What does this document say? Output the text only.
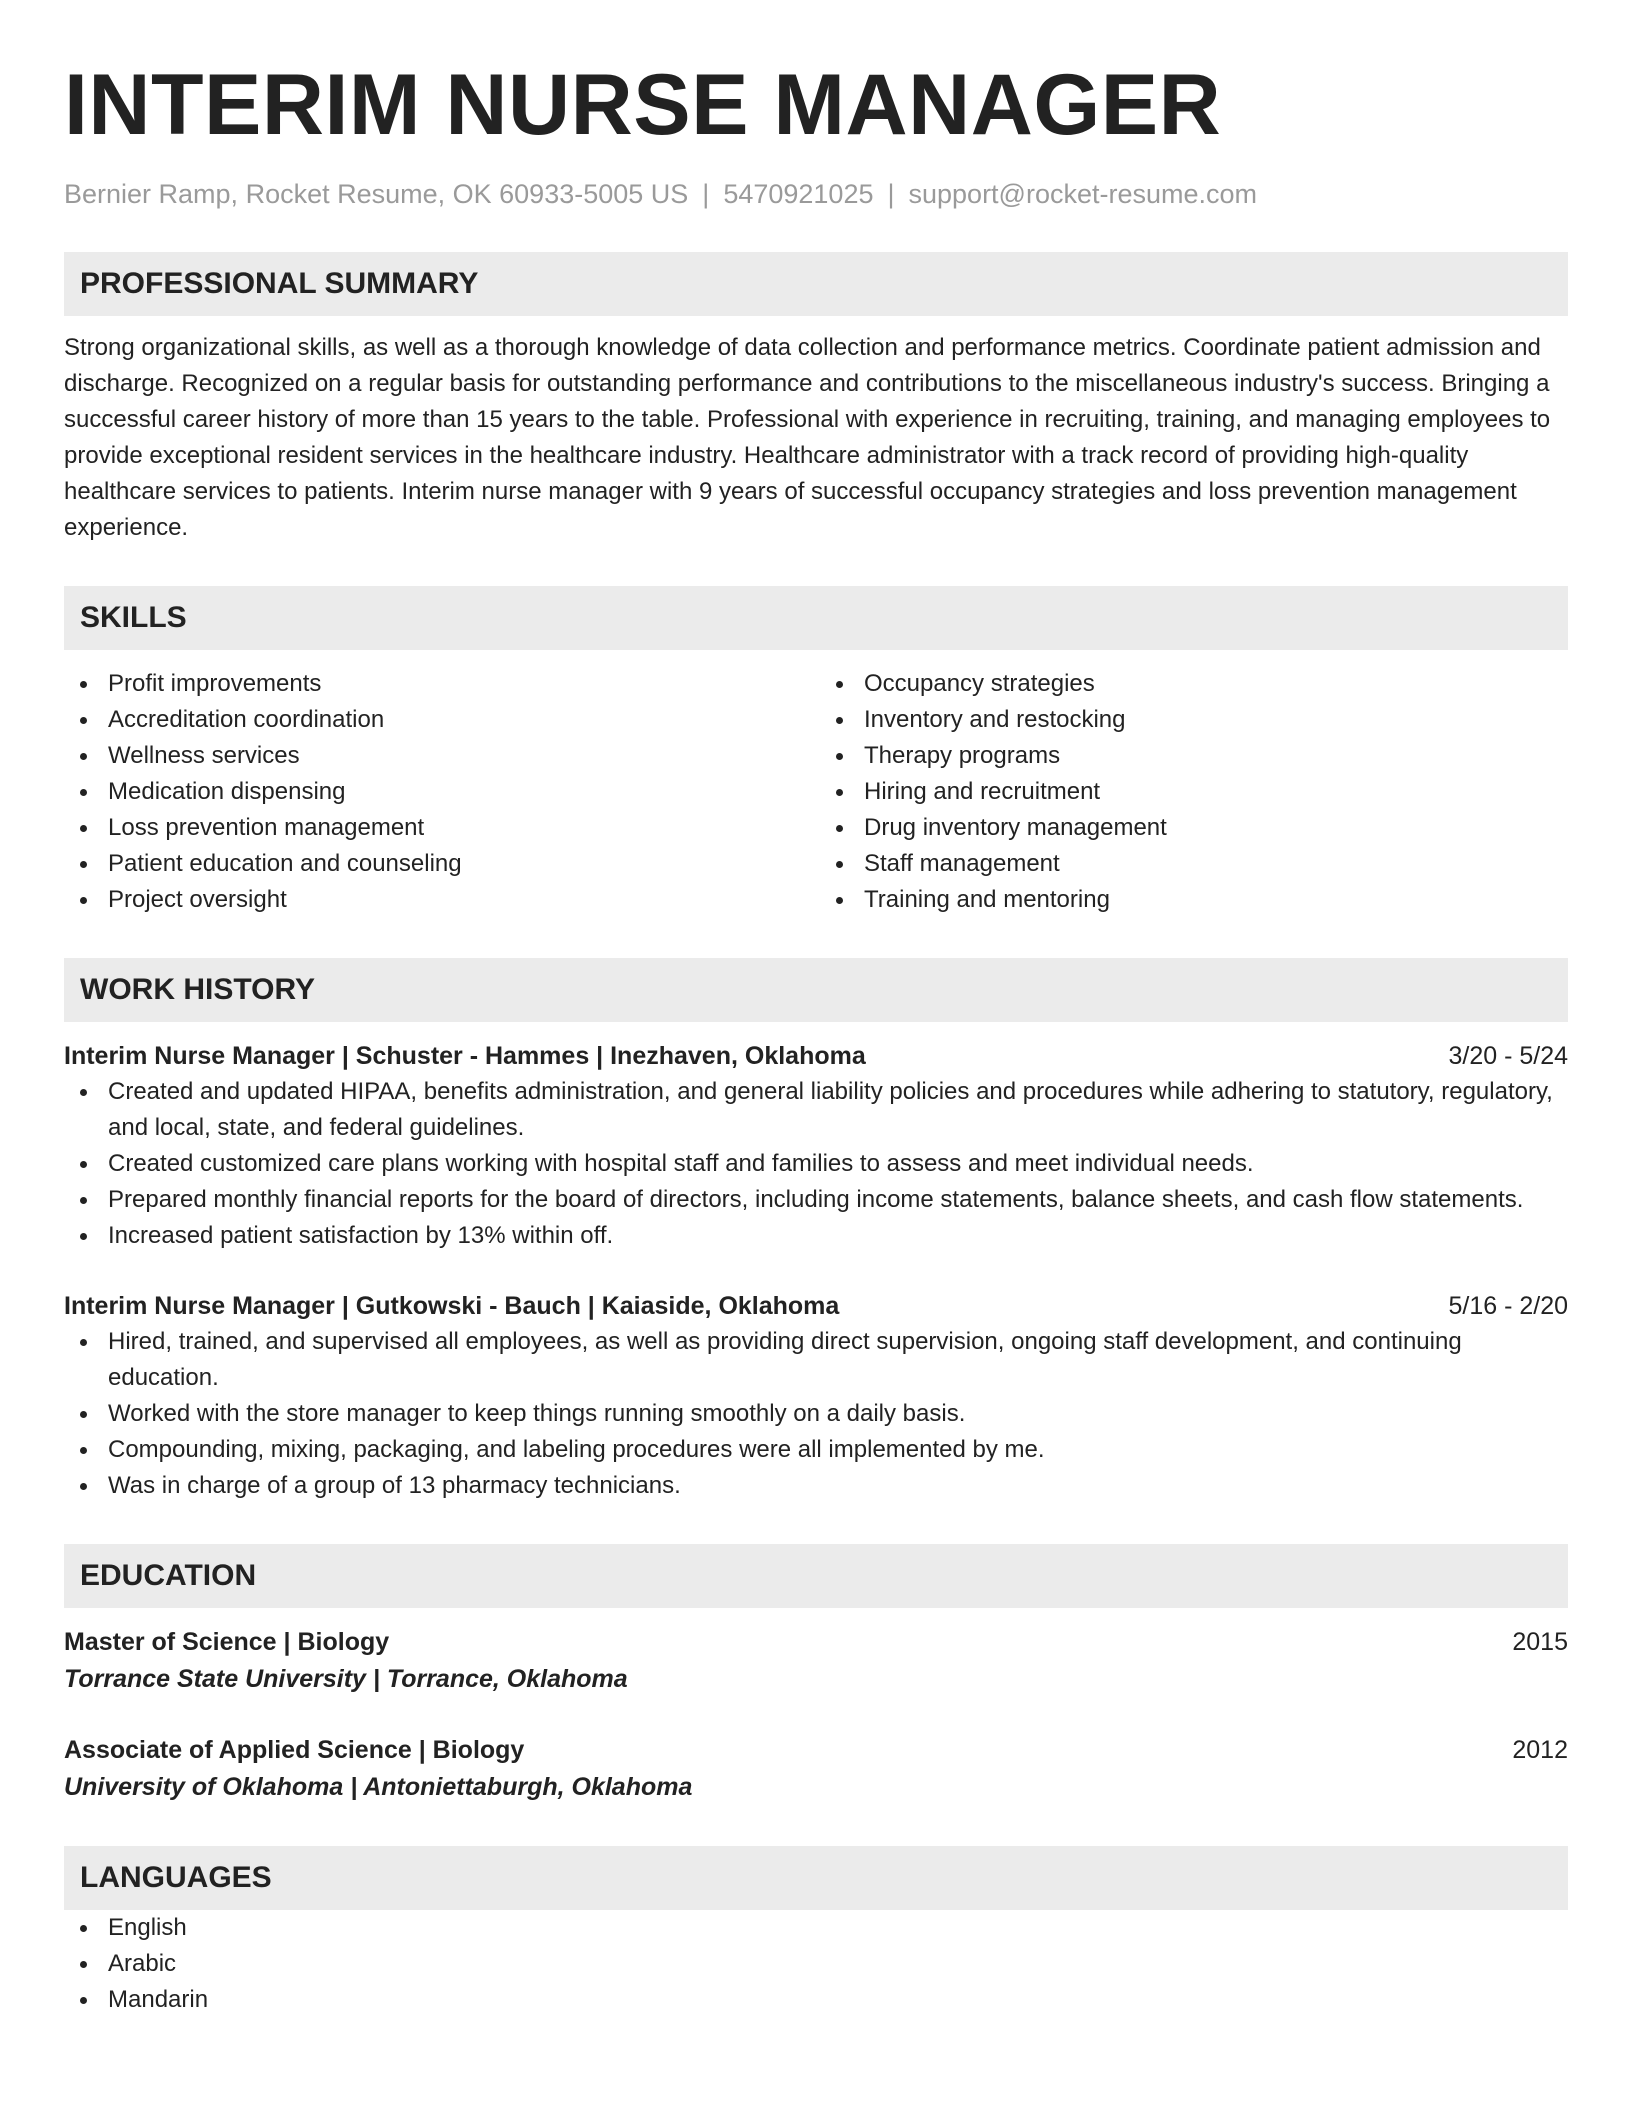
INTERIM NURSE MANAGER
Bernier Ramp, Rocket Resume, OK 60933-5005 US | 5470921025 | support@rocket-resume.com
PROFESSIONAL SUMMARY
Strong organizational skills, as well as a thorough knowledge of data collection and performance metrics. Coordinate patient admission and discharge. Recognized on a regular basis for outstanding performance and contributions to the miscellaneous industry's success. Bringing a successful career history of more than 15 years to the table. Professional with experience in recruiting, training, and managing employees to provide exceptional resident services in the healthcare industry. Healthcare administrator with a track record of providing high-quality healthcare services to patients. Interim nurse manager with 9 years of successful occupancy strategies and loss prevention management experience.
SKILLS
Profit improvements
Accreditation coordination
Wellness services
Medication dispensing
Loss prevention management
Patient education and counseling
Project oversight
Occupancy strategies
Inventory and restocking
Therapy programs
Hiring and recruitment
Drug inventory management
Staff management
Training and mentoring
WORK HISTORY
Interim Nurse Manager | Schuster - Hammes | Inezhaven, Oklahoma	3/20 - 5/24
Created and updated HIPAA, benefits administration, and general liability policies and procedures while adhering to statutory, regulatory, and local, state, and federal guidelines.
Created customized care plans working with hospital staff and families to assess and meet individual needs.
Prepared monthly financial reports for the board of directors, including income statements, balance sheets, and cash flow statements.
Increased patient satisfaction by 13% within off.
Interim Nurse Manager | Gutkowski - Bauch | Kaiaside, Oklahoma	5/16 - 2/20
Hired, trained, and supervised all employees, as well as providing direct supervision, ongoing staff development, and continuing education.
Worked with the store manager to keep things running smoothly on a daily basis.
Compounding, mixing, packaging, and labeling procedures were all implemented by me.
Was in charge of a group of 13 pharmacy technicians.
EDUCATION
Master of Science | Biology	2015
Torrance State University | Torrance, Oklahoma
Associate of Applied Science | Biology	2012
University of Oklahoma | Antoniettaburgh, Oklahoma
LANGUAGES
English
Arabic
Mandarin
